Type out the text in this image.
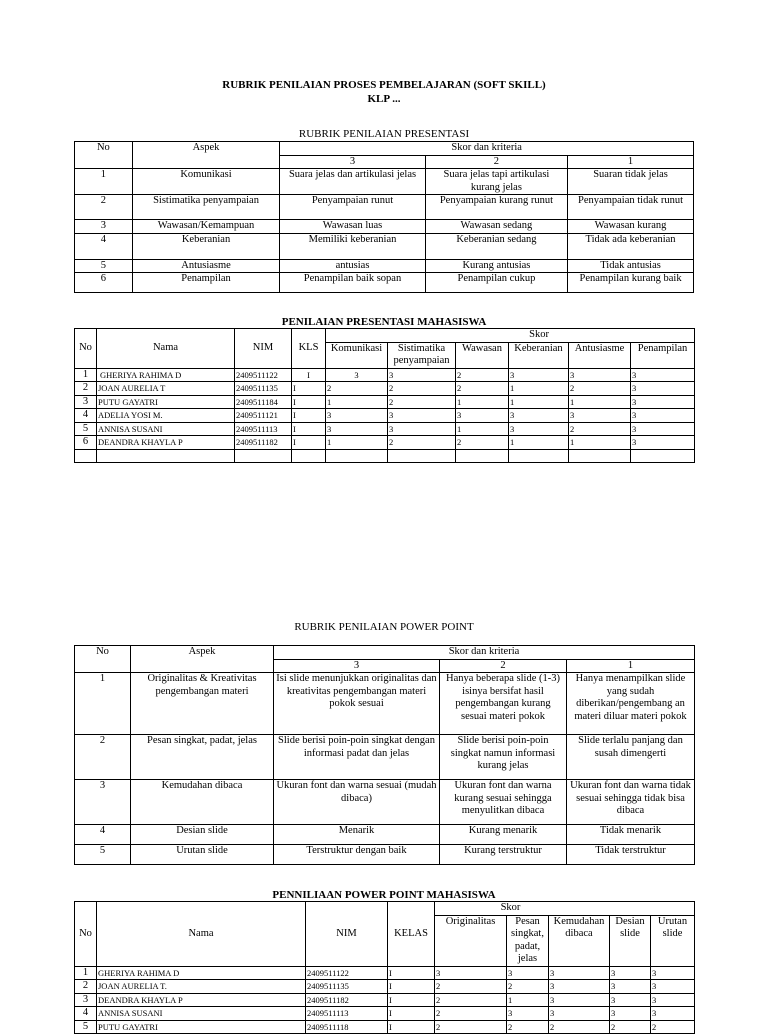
RUBRIK PENILAIAN PROSES PEMBELAJARAN (SOFT SKILL)
KLP ...
RUBRIK PENILAIAN PRESENTASI
No	Aspek	Skor dan kriteria		
		3	2	1
1	Komunikasi	Suara jelas dan artikulasi jelas	Suara jelas tapi artikulasi kurang jelas	Suaran tidak jelas
2	Sistimatika penyampaian	Penyampaian runut	Penyampaian kurang runut	Penyampaian tidak runut
3	Wawasan/Kemampuan	Wawasan luas	Wawasan sedang	Wawasan kurang
4	Keberanian	Memiliki keberanian	Keberanian sedang	Tidak ada keberanian
5	Antusiasme	antusias	Kurang antusias	Tidak antusias
6	Penampilan	Penampilan baik sopan	Penampilan cukup	Penampilan kurang baik
PENILAIAN PRESENTASI MAHASISWA
No	Nama	NIM	KLS	Skor					
				Komunikasi	Sistimatika penyampaian	Wawasan	Keberanian	Antusiasme	Penampilan
1	GHERIYA RAHIMA D	2409511122	I	3	3	2	3	3	3
2	JOAN AURELIA T	2409511135	I	2	2	2	1	2	3
3	PUTU GAYATRI	2409511184	I	1	2	1	1	1	3
4	ADELIA YOSI M.	2409511121	I	3	3	3	3	3	3
5	ANNISA SUSANI	2409511113	I	3	3	1	3	2	3
6	DEANDRA KHAYLA P	2409511182	I	1	2	2	1	1	3

RUBRIK PENILAIAN POWER POINT
No	Aspek	Skor dan kriteria		
		3	2	1
1	Originalitas & Kreativitas pengembangan materi	Isi slide menunjukkan originalitas dan kreativitas pengembangan materi pokok sesuai	Hanya beberapa slide (1-3) isinya bersifat hasil pengembangan kurang sesuai materi pokok	Hanya menampilkan slide yang sudah diberikan/pengembang an materi diluar materi pokok
2	Pesan singkat, padat, jelas	Slide berisi poin-poin singkat dengan informasi padat dan jelas	Slide berisi poin-poin singkat namun informasi kurang jelas	Slide terlalu panjang dan susah dimengerti
3	Kemudahan dibaca	Ukuran font dan warna sesuai (mudah dibaca)	Ukuran font dan warna kurang sesuai sehingga menyulitkan dibaca	Ukuran font dan warna tidak sesuai sehingga tidak bisa dibaca
4	Desian slide	Menarik	Kurang menarik	Tidak menarik
5	Urutan slide	Terstruktur dengan baik	Kurang terstruktur	Tidak terstruktur
PENNILIAAN POWER POINT MAHASISWA
No	Nama	NIM	KELAS	Skor				
				Originalitas	Pesan singkat, padat, jelas	Kemudahan dibaca	Desian slide	Urutan slide
1	GHERIYA RAHIMA D	2409511122	I	3	3	3	3	3
2	JOAN AURELIA T.	2409511135	I	2	2	3	3	3
3	DEANDRA KHAYLA P	2409511182	I	2	1	3	3	3
4	ANNISA SUSANI	2409511113	I	2	3	3	3	3
5	PUTU GAYATRI	2409511118	I	2	2	2	2	2
